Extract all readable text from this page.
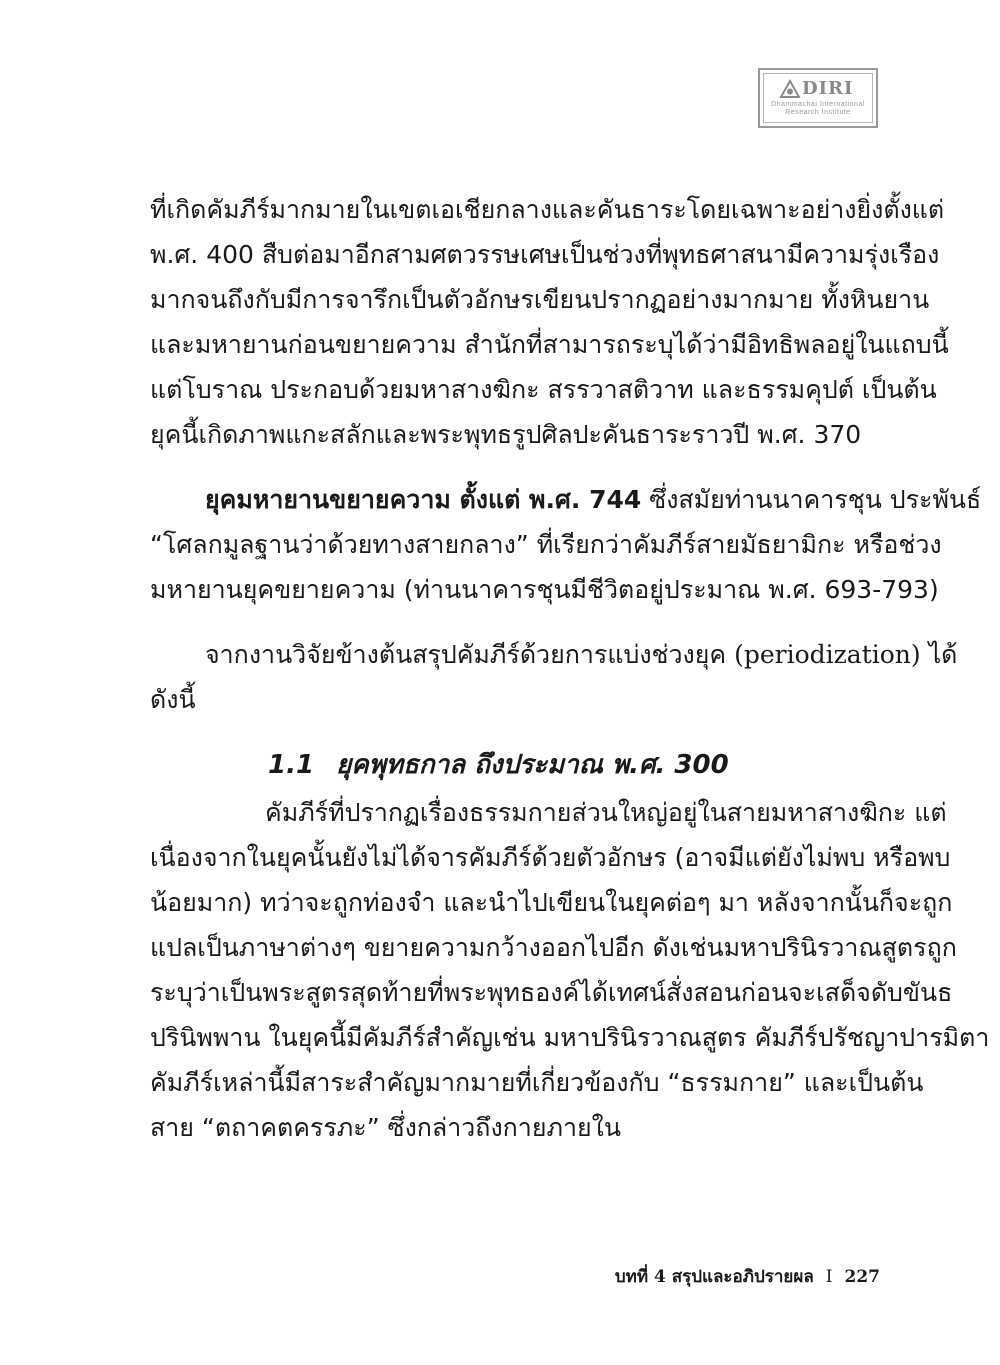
DIRI
Dhammachai International
Research Institute
ที่เกิดคัมภีร์มากมายในเขตเอเชียกลางและคันธาระโดยเฉพาะอย่างยิ่งตั้งแต่
พ.ศ. 400 สืบต่อมาอีกสามศตวรรษเศษเป็นช่วงที่พุทธศาสนามีความรุ่งเรือง
มากจนถึงกับมีการจารึกเป็นตัวอักษรเขียนปรากฏอย่างมากมาย ทั้งหินยาน
และมหายานก่อนขยายความ สำนักที่สามารถระบุได้ว่ามีอิทธิพลอยู่ในแถบนี้
แต่โบราณ ประกอบด้วยมหาสางฆิกะ สรรวาสติวาท และธรรมคุปต์ เป็นต้น
ยุคนี้เกิดภาพแกะสลักและพระพุทธรูปศิลปะคันธาระราวปี พ.ศ. 370
ยุคมหายานขยายความ ตั้งแต่ พ.ศ. 744 ซึ่งสมัยท่านนาคารชุน ประพันธ์
“โศลกมูลฐานว่าด้วยทางสายกลาง” ที่เรียกว่าคัมภีร์สายมัธยามิกะ หรือช่วง
มหายานยุคขยายความ (ท่านนาคารชุนมีชีวิตอยู่ประมาณ พ.ศ. 693-793)
จากงานวิจัยข้างต้นสรุปคัมภีร์ด้วยการแบ่งช่วงยุค (periodization) ได้
ดังนี้
1.1 ยุคพุทธกาล ถึงประมาณ พ.ศ. 300
คัมภีร์ที่ปรากฏเรื่องธรรมกายส่วนใหญ่อยู่ในสายมหาสางฆิกะ แต่
เนื่องจากในยุคนั้นยังไม่ได้จารคัมภีร์ด้วยตัวอักษร (อาจมีแต่ยังไม่พบ หรือพบ
น้อยมาก) ทว่าจะถูกท่องจำ และนำไปเขียนในยุคต่อๆ มา หลังจากนั้นก็จะถูก
แปลเป็นภาษาต่างๆ ขยายความกว้างออกไปอีก ดังเช่นมหาปรินิรวาณสูตรถูก
ระบุว่าเป็นพระสูตรสุดท้ายที่พระพุทธองค์ได้เทศน์สั่งสอนก่อนจะเสด็จดับขันธ
ปรินิพพาน ในยุคนี้มีคัมภีร์สำคัญเช่น มหาปรินิรวาณสูตร คัมภีร์ปรัชญาปารมิตา
คัมภีร์เหล่านี้มีสาระสำคัญมากมายที่เกี่ยวข้องกับ “ธรรมกาย” และเป็นต้น
สาย “ตถาคตครรภะ” ซึ่งกล่าวถึงกายภายใน
บทที่ 4 สรุปและอภิปรายผล I 227
